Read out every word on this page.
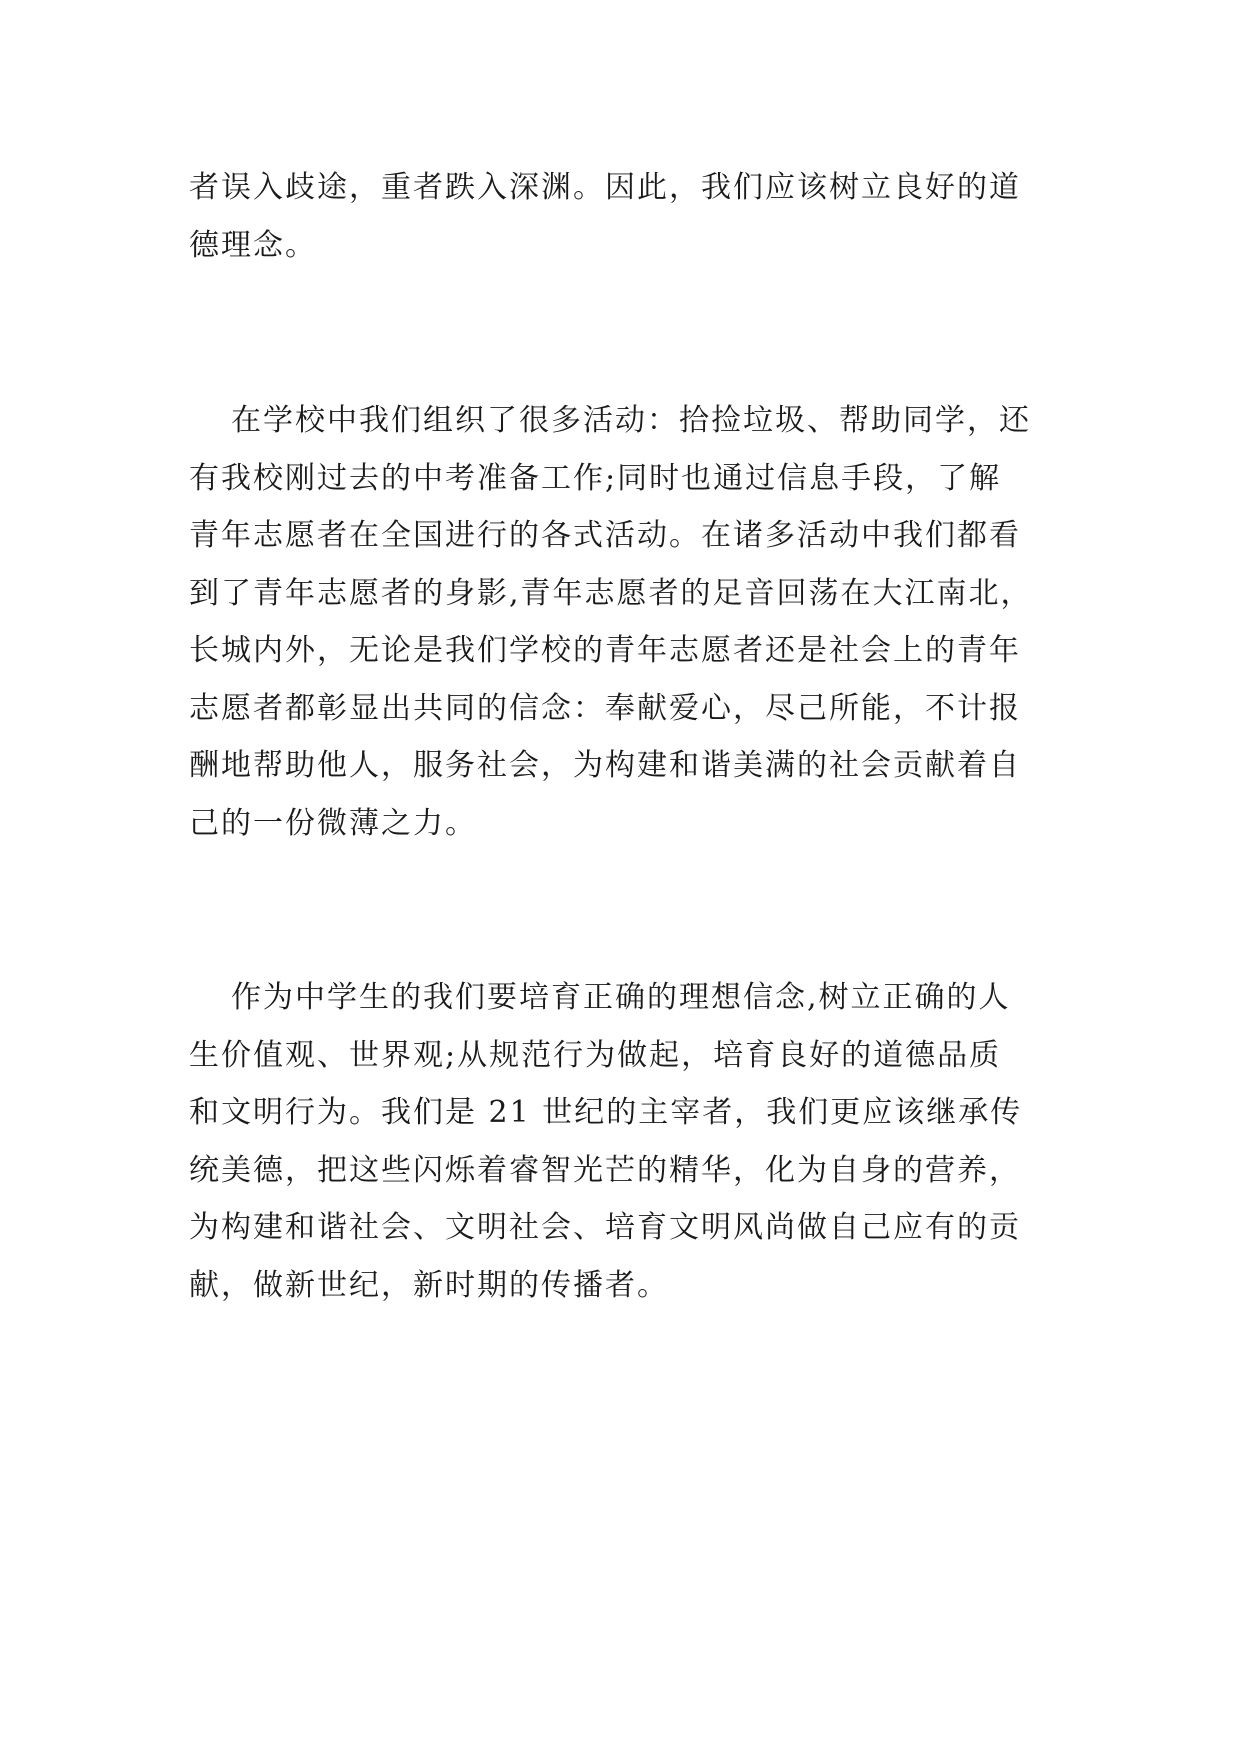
者误入歧途，重者跌入深渊。因此，我们应该树立良好的道
德理念。
在学校中我们组织了很多活动：拾捡垃圾、帮助同学，还
有我校刚过去的中考准备工作;同时也通过信息手段，了解
青年志愿者在全国进行的各式活动。在诸多活动中我们都看
到了青年志愿者的身影,青年志愿者的足音回荡在大江南北，
长城内外，无论是我们学校的青年志愿者还是社会上的青年
志愿者都彰显出共同的信念：奉献爱心，尽己所能，不计报
酬地帮助他人，服务社会，为构建和谐美满的社会贡献着自
己的一份微薄之力。
作为中学生的我们要培育正确的理想信念,树立正确的人
生价值观、世界观;从规范行为做起，培育良好的道德品质
和文明行为。我们是 21 世纪的主宰者，我们更应该继承传
统美德，把这些闪烁着睿智光芒的精华，化为自身的营养，
为构建和谐社会、文明社会、培育文明风尚做自己应有的贡
献，做新世纪，新时期的传播者。
